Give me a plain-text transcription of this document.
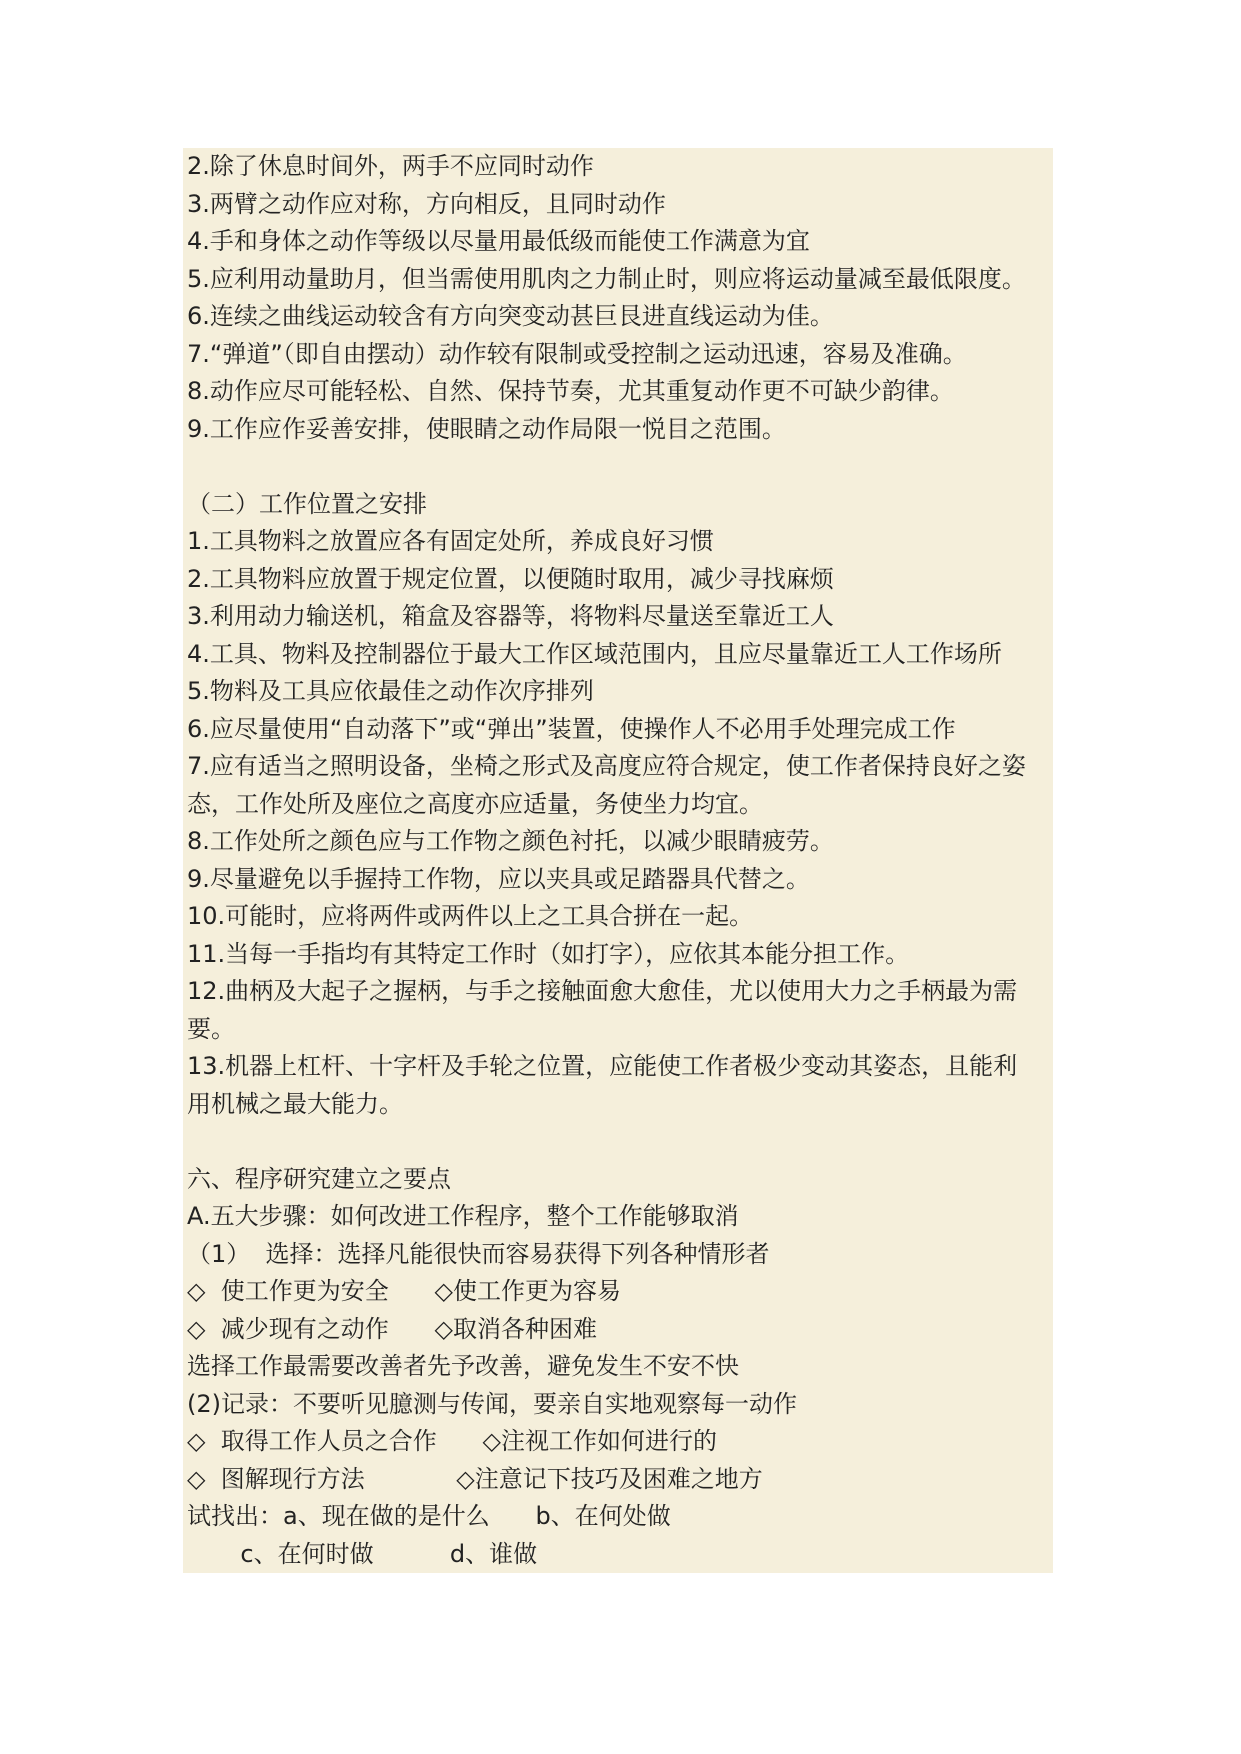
2.除了休息时间外，两手不应同时动作
3.两臂之动作应对称，方向相反，且同时动作
4.手和身体之动作等级以尽量用最低级而能使工作满意为宜
5.应利用动量助月，但当需使用肌肉之力制止时，则应将运动量减至最低限度。
6.连续之曲线运动较含有方向突变动甚巨艮进直线运动为佳。
7.“弹道”（即自由摆动）动作较有限制或受控制之运动迅速，容易及准确。
8.动作应尽可能轻松、自然、保持节奏，尤其重复动作更不可缺少韵律。
9.工作应作妥善安排，使眼睛之动作局限一悦目之范围。
（二）工作位置之安排
1.工具物料之放置应各有固定处所，养成良好习惯
2.工具物料应放置于规定位置，以便随时取用，减少寻找麻烦
3.利用动力输送机，箱盒及容器等，将物料尽量送至靠近工人
4.工具、物料及控制器位于最大工作区域范围内，且应尽量靠近工人工作场所
5.物料及工具应依最佳之动作次序排列
6.应尽量使用“自动落下”或“弹出”装置，使操作人不必用手处理完成工作
7.应有适当之照明设备，坐椅之形式及高度应符合规定，使工作者保持良好之姿
态，工作处所及座位之高度亦应适量，务使坐力均宜。
8.工作处所之颜色应与工作物之颜色衬托，以减少眼睛疲劳。
9.尽量避免以手握持工作物，应以夹具或足踏器具代替之。
10.可能时，应将两件或两件以上之工具合拼在一起。
11.当每一手指均有其特定工作时（如打字），应依其本能分担工作。
12.曲柄及大起子之握柄，与手之接触面愈大愈佳，尤以使用大力之手柄最为需
要。
13.机器上杠杆、十字杆及手轮之位置，应能使工作者极少变动其姿态，且能利
用机械之最大能力。
六、程序研究建立之要点
A.五大步骤：如何改进工作程序，整个工作能够取消
（1）  选择：选择凡能很快而容易获得下列各种情形者
◇  使工作更为安全      ◇使工作更为容易
◇  减少现有之动作      ◇取消各种困难
选择工作最需要改善者先予改善，避免发生不安不快
(2)记录：不要听见臆测与传闻，要亲自实地观察每一动作
◇  取得工作人员之合作      ◇注视工作如何进行的
◇  图解现行方法            ◇注意记下技巧及困难之地方
试找出：a、现在做的是什么      b、在何处做
c、在何时做          d、谁做
